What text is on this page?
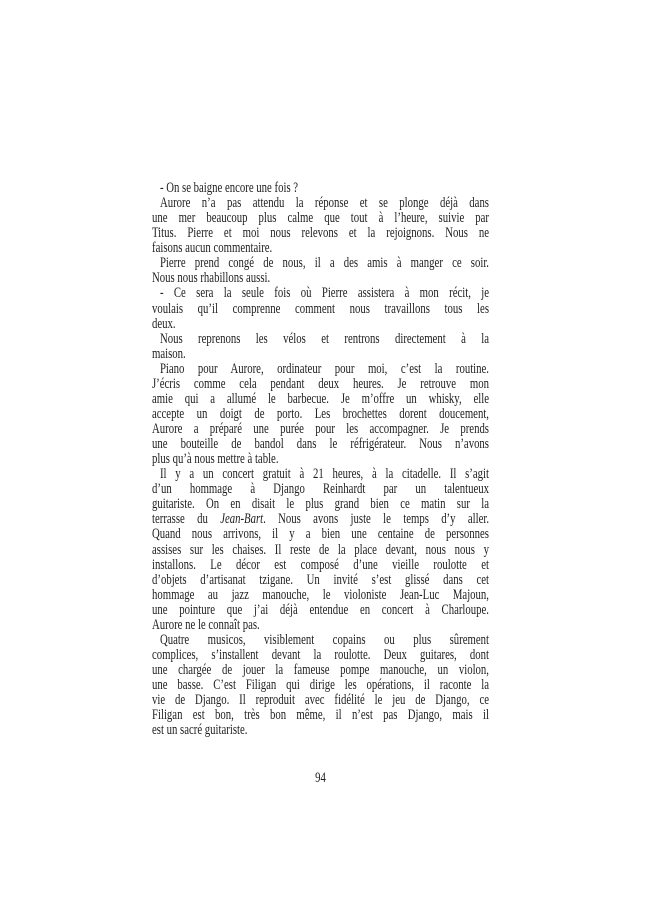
- On se baigne encore une fois ?
Aurore n’a pas attendu la réponse et se plonge déjà dans
une mer beaucoup plus calme que tout à l’heure, suivie par
Titus. Pierre et moi nous relevons et la rejoignons. Nous ne
faisons aucun commentaire.
Pierre prend congé de nous, il a des amis à manger ce soir.
Nous nous rhabillons aussi.
- Ce sera la seule fois où Pierre assistera à mon récit, je
voulais qu’il comprenne comment nous travaillons tous les
deux.
Nous reprenons les vélos et rentrons directement à la
maison.
Piano pour Aurore, ordinateur pour moi, c’est la routine.
J’écris comme cela pendant deux heures. Je retrouve mon
amie qui a allumé le barbecue. Je m’offre un whisky, elle
accepte un doigt de porto. Les brochettes dorent doucement,
Aurore a préparé une purée pour les accompagner. Je prends
une bouteille de bandol dans le réfrigérateur. Nous n’avons
plus qu’à nous mettre à table.
Il y a un concert gratuit à 21 heures, à la citadelle. Il s’agit
d’un hommage à Django Reinhardt par un talentueux
guitariste. On en disait le plus grand bien ce matin sur la
terrasse du Jean-Bart. Nous avons juste le temps d’y aller.
Quand nous arrivons, il y a bien une centaine de personnes
assises sur les chaises. Il reste de la place devant, nous nous y
installons. Le décor est composé d’une vieille roulotte et
d’objets d’artisanat tzigane. Un invité s’est glissé dans cet
hommage au jazz manouche, le violoniste Jean-Luc Majoun,
une pointure que j’ai déjà entendue en concert à Charloupe.
Aurore ne le connaît pas.
Quatre musicos, visiblement copains ou plus sûrement
complices, s’installent devant la roulotte. Deux guitares, dont
une chargée de jouer la fameuse pompe manouche, un violon,
une basse. C’est Filigan qui dirige les opérations, il raconte la
vie de Django. Il reproduit avec fidélité le jeu de Django, ce
Filigan est bon, très bon même, il n’est pas Django, mais il
est un sacré guitariste.
94
